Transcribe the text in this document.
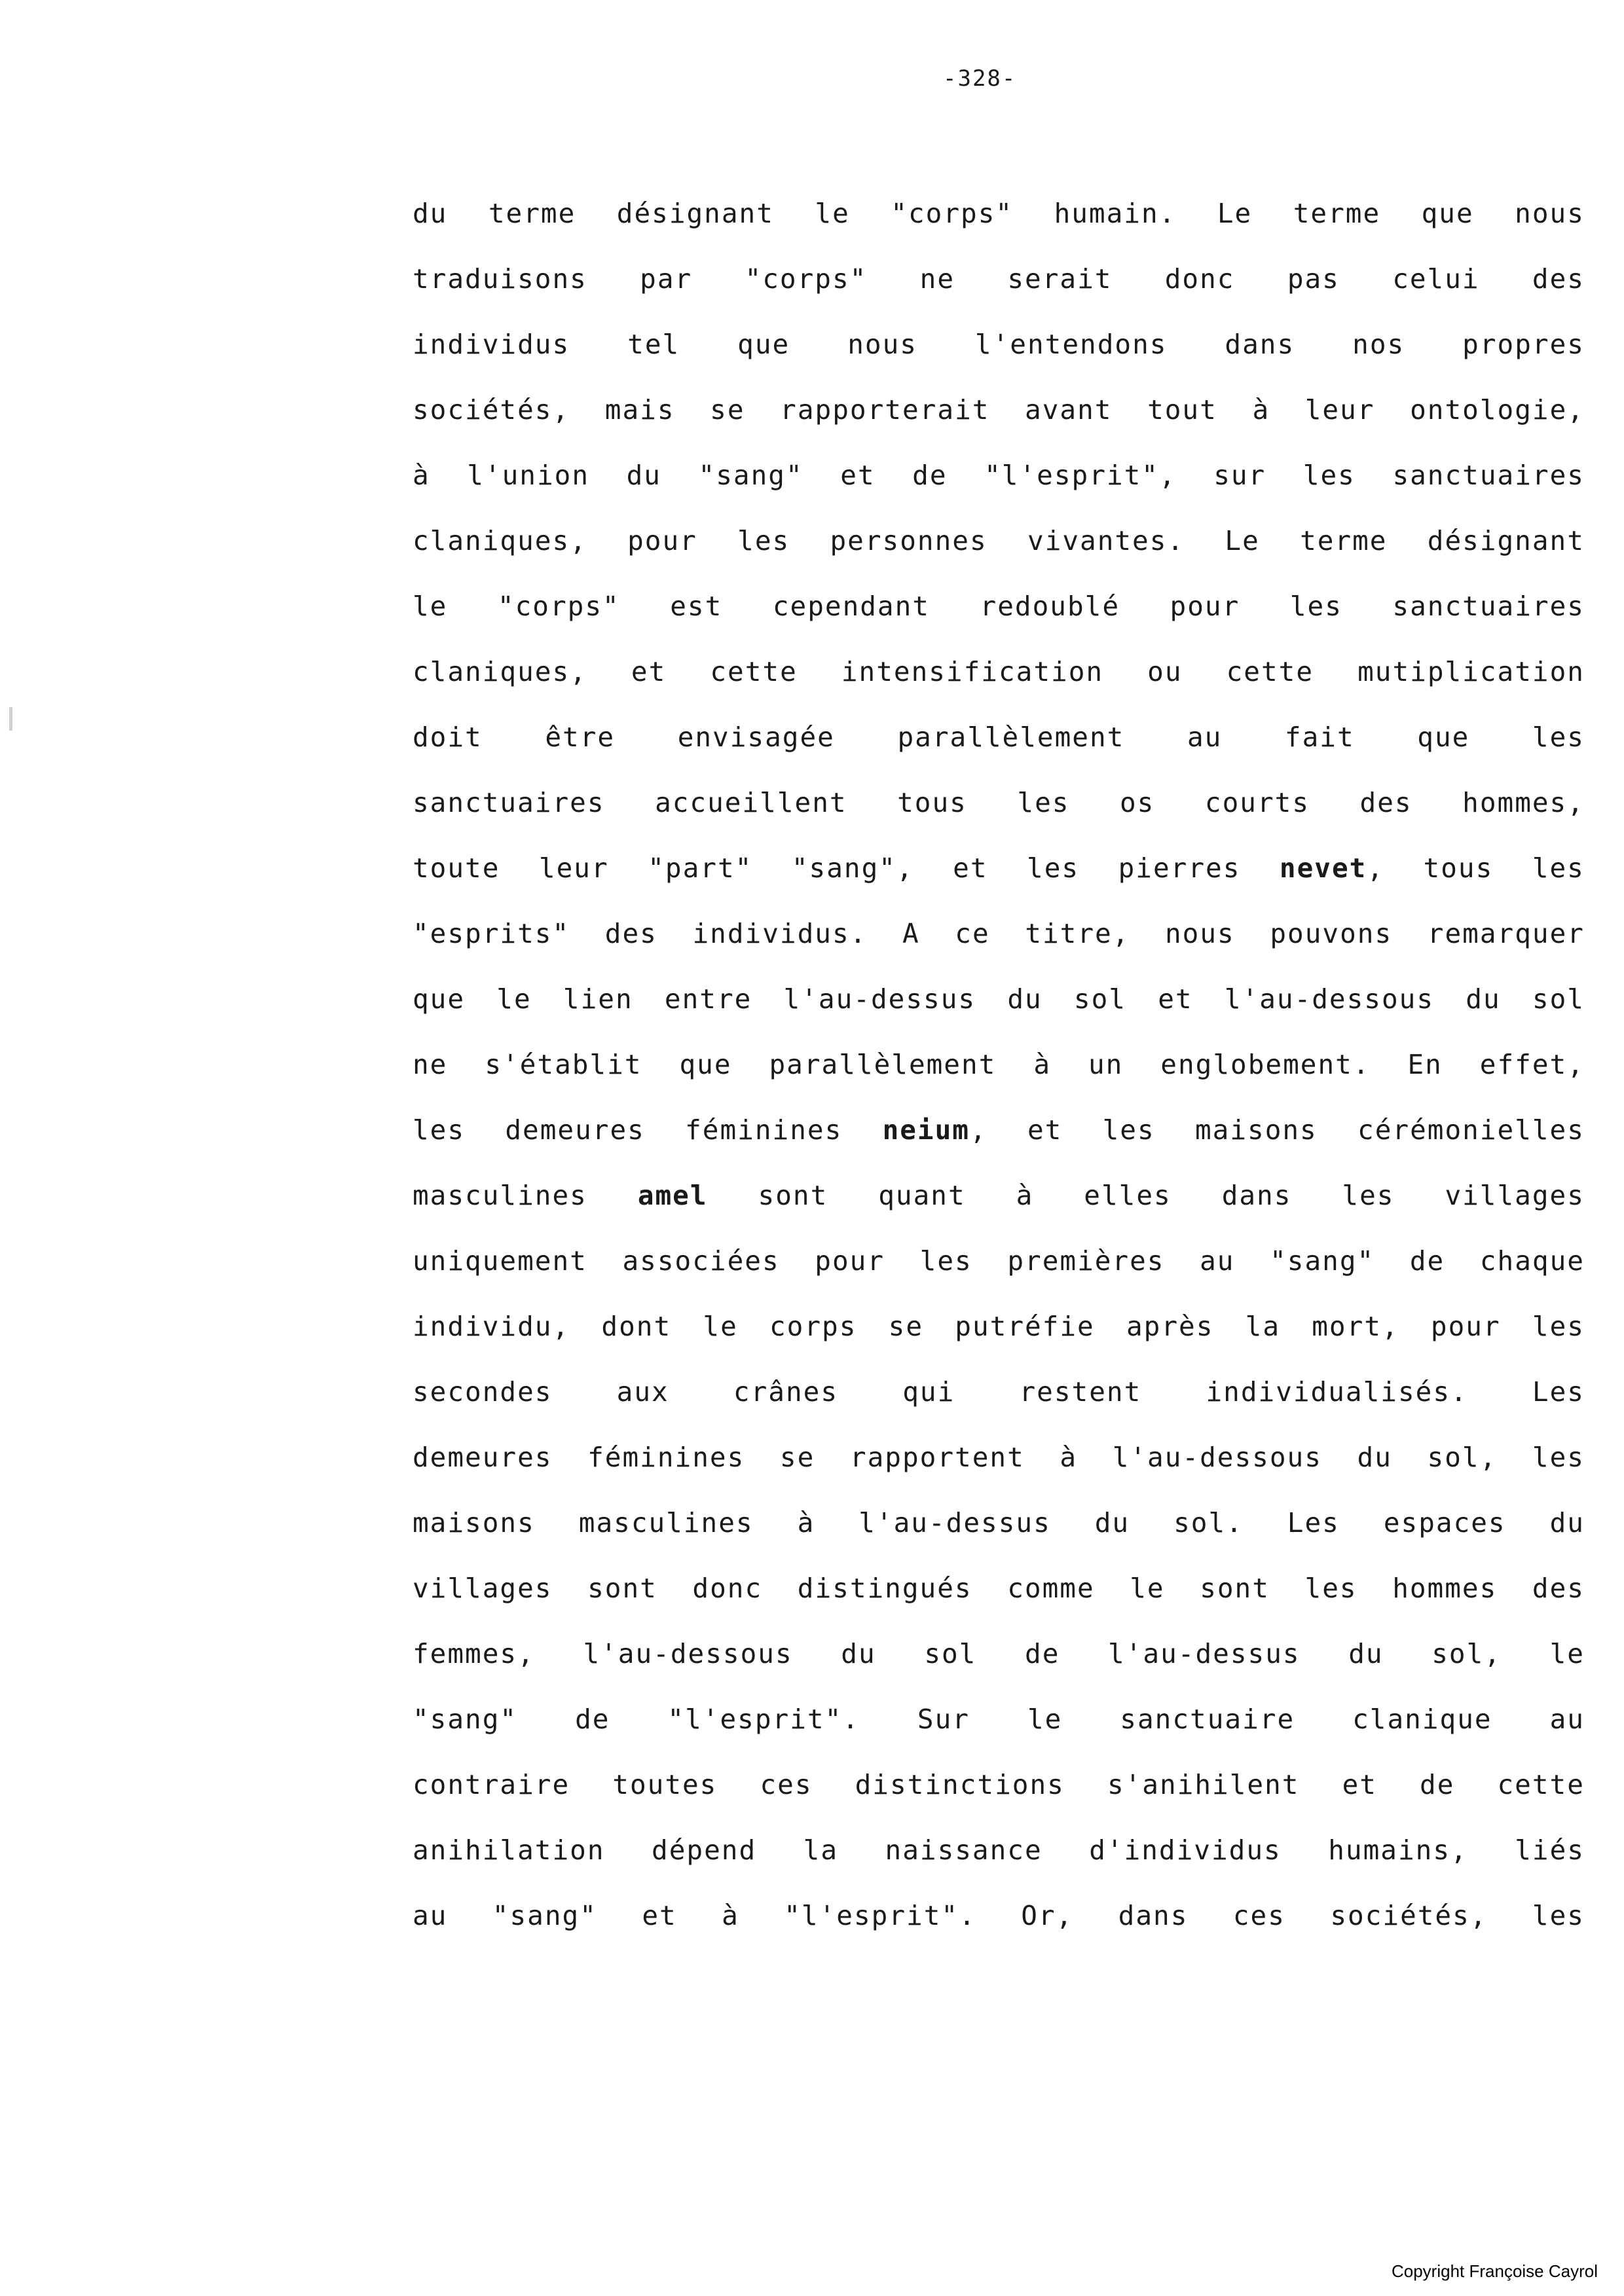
-328-
du terme désignant le "corps" humain. Le terme que nous
traduisons par "corps" ne serait donc pas celui des
individus tel que nous l'entendons dans nos propres
sociétés, mais se rapporterait avant tout à leur ontologie,
à l'union du "sang" et de "l'esprit", sur les sanctuaires
claniques, pour les personnes vivantes. Le terme désignant
le "corps" est cependant redoublé pour les sanctuaires
claniques, et cette intensification ou cette mutiplication
doit être envisagée parallèlement au fait que les
sanctuaires accueillent tous les os courts des hommes,
toute leur "part" "sang", et les pierres nevet, tous les
"esprits" des individus. A ce titre, nous pouvons remarquer
que le lien entre l'au-dessus du sol et l'au-dessous du sol
ne s'établit que parallèlement à un englobement. En effet,
les demeures féminines neium, et les maisons cérémonielles
masculines amel sont quant à elles dans les villages
uniquement associées pour les premières au "sang" de chaque
individu, dont le corps se putréfie après la mort, pour les
secondes aux crânes qui restent individualisés. Les
demeures féminines se rapportent à l'au-dessous du sol, les
maisons masculines à l'au-dessus du sol. Les espaces du
villages sont donc distingués comme le sont les hommes des
femmes, l'au-dessous du sol de l'au-dessus du sol, le
"sang" de "l'esprit". Sur le sanctuaire clanique au
contraire toutes ces distinctions s'anihilent et de cette
anihilation dépend la naissance d'individus humains, liés
au "sang" et à "l'esprit". Or, dans ces sociétés, les
Copyright Françoise Cayrol
